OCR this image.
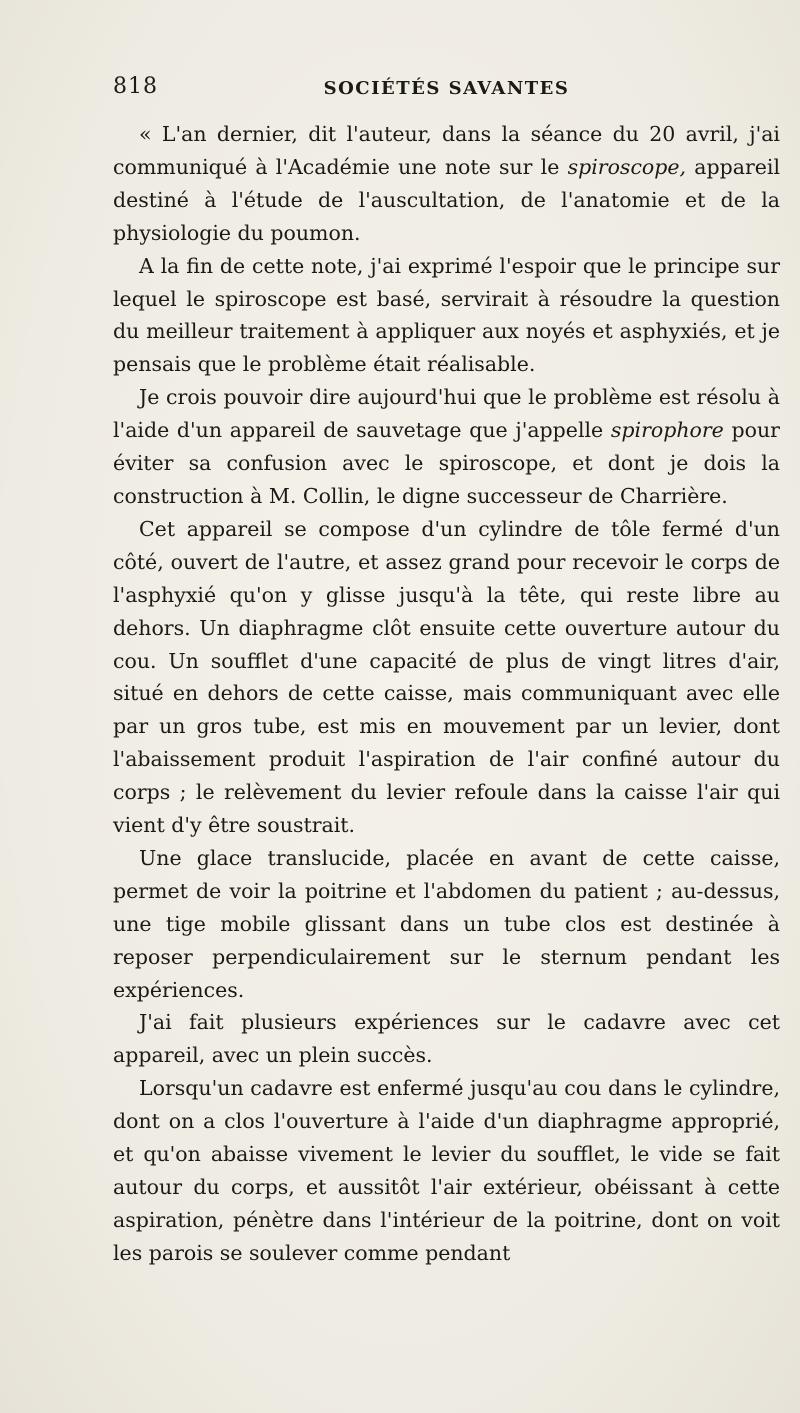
818	SOCIÉTÉS SAVANTES

« L'an dernier, dit l'auteur, dans la séance du 20 avril, j'ai communiqué à l'Académie une note sur le spiroscope, appareil destiné à l'étude de l'auscultation, de l'anatomie et de la physiologie du poumon.

A la fin de cette note, j'ai exprimé l'espoir que le principe sur lequel le spiroscope est basé, servirait à résoudre la question du meilleur traitement à appliquer aux noyés et asphyxiés, et je pensais que le problème était réalisable.

Je crois pouvoir dire aujourd'hui que le problème est résolu à l'aide d'un appareil de sauvetage que j'appelle spirophore pour éviter sa confusion avec le spiroscope, et dont je dois la construction à M. Collin, le digne successeur de Charrière.

Cet appareil se compose d'un cylindre de tôle fermé d'un côté, ouvert de l'autre, et assez grand pour recevoir le corps de l'asphyxié qu'on y glisse jusqu'à la tête, qui reste libre au dehors. Un diaphragme clôt ensuite cette ouverture autour du cou. Un soufflet d'une capacité de plus de vingt litres d'air, situé en dehors de cette caisse, mais communiquant avec elle par un gros tube, est mis en mouvement par un levier, dont l'abaissement produit l'aspiration de l'air confiné autour du corps ; le relèvement du levier refoule dans la caisse l'air qui vient d'y être soustrait.

Une glace translucide, placée en avant de cette caisse, permet de voir la poitrine et l'abdomen du patient ; au-dessus, une tige mobile glissant dans un tube clos est destinée à reposer perpendiculairement sur le sternum pendant les expériences.

J'ai fait plusieurs expériences sur le cadavre avec cet appareil, avec un plein succès.

Lorsqu'un cadavre est enfermé jusqu'au cou dans le cylindre, dont on a clos l'ouverture à l'aide d'un diaphragme approprié, et qu'on abaisse vivement le levier du soufflet, le vide se fait autour du corps, et aussitôt l'air extérieur, obéissant à cette aspiration, pénètre dans l'intérieur de la poitrine, dont on voit les parois se soulever comme pendant
